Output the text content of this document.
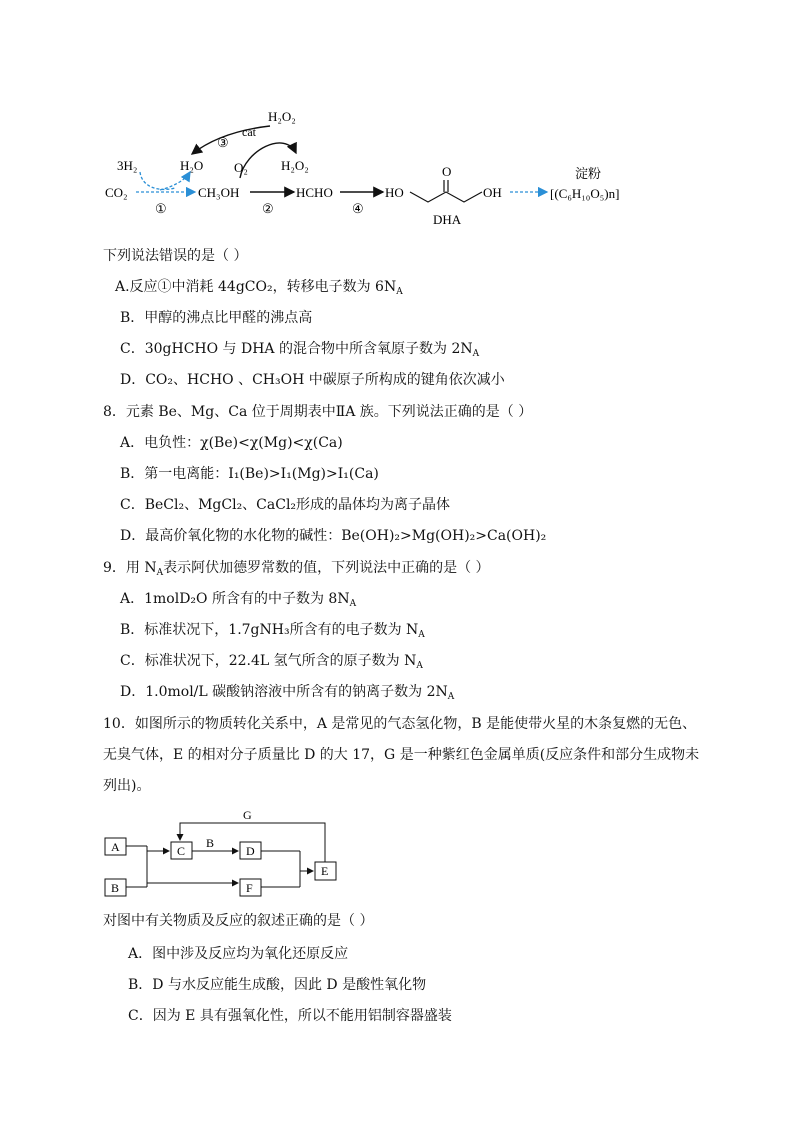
H₂O₂
cat
③
3H₂	H₂O O₂	H₂O₂
CO₂
①
CH₃OH
②
HCHO
④
HO
O
OH
DHA
淀粉
[(C₆H₁₀O₅)n]
下列说法错误的是（ ）
A.反应①中消耗 44gCO₂，转移电子数为 $6N_A$
B．甲醇的沸点比甲醛的沸点高
C．30gHCHO 与 DHA 的混合物中所含氧原子数为 $2N_A$
D．CO₂、HCHO 、CH₃OH 中碳原子所构成的键角依次减小
8．元素 Be、Mg、Ca 位于周期表中ⅡA 族。下列说法正确的是（ ）
A．电负性：χ(Be)<χ(Mg)<χ(Ca)
B．第一电离能：I₁(Be)>I₁(Mg)>I₁(Ca)
C．BeCl₂、MgCl₂、CaCl₂形成的晶体均为离子晶体
D．最高价氧化物的水化物的碱性：Be(OH)₂>Mg(OH)₂>Ca(OH)₂
9．用 $N_A$表示阿伏加德罗常数的值，下列说法中正确的是（ ）
A．1molD₂O 所含有的中子数为 $8N_A$
B．标准状况下，1.7gNH₃所含有的电子数为 $N_A$
C．标准状况下，22.4L 氢气所含的原子数为 $N_A$
D．1.0mol/L 碳酸钠溶液中所含有的钠离子数为 $2N_A$
10．如图所示的物质转化关系中，A 是常见的气态氢化物，B 是能使带火星的木条复燃的无色、
无臭气体，E 的相对分子质量比 D 的大 17，G 是一种紫红色金属单质(反应条件和部分生成物未
列出)。
A
B
C
B
D
F
E
G
对图中有关物质及反应的叙述正确的是（ ）
A．图中涉及反应均为氧化还原反应
B．D 与水反应能生成酸，因此 D 是酸性氧化物
C．因为 E 具有强氧化性，所以不能用铝制容器盛装
